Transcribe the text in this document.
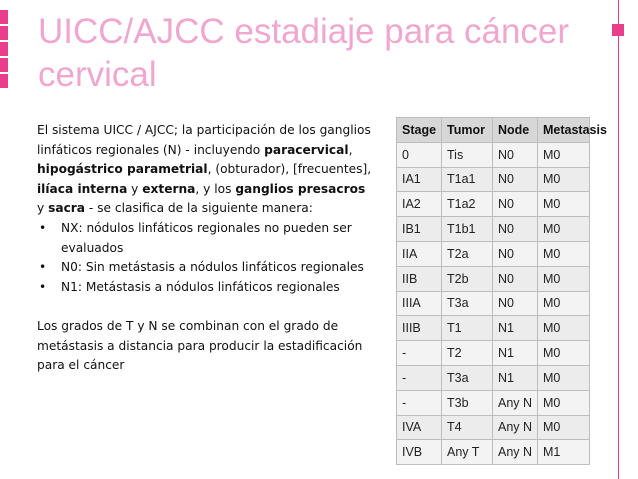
UICC/AJCC estadiaje para cáncer cervical

El sistema UICC / AJCC; la participación de los ganglios linfáticos regionales (N) - incluyendo paracervical, hipogástrico parametrial, (obturador), [frecuentes], ilíaca interna y externa, y los ganglios presacros y sacra - se clasifica de la siguiente manera:

• NX: nódulos linfáticos regionales no pueden ser evaluados
• N0: Sin metástasis a nódulos linfáticos regionales
• N1: Metástasis a nódulos linfáticos regionales

Los grados de T y N se combinan con el grado de metástasis a distancia para producir la estadificación para el cáncer

Stage	Tumor	Node	Metastasis
0	Tis	N0	M0
IA1	T1a1	N0	M0
IA2	T1a2	N0	M0
IB1	T1b1	N0	M0
IIA	T2a	N0	M0
IIB	T2b	N0	M0
IIIA	T3a	N0	M0
IIIB	T1	N1	M0
-	T2	N1	M0
-	T3a	N1	M0
-	T3b	Any N	M0
IVA	T4	Any N	M0
IVB	Any T	Any N	M1
